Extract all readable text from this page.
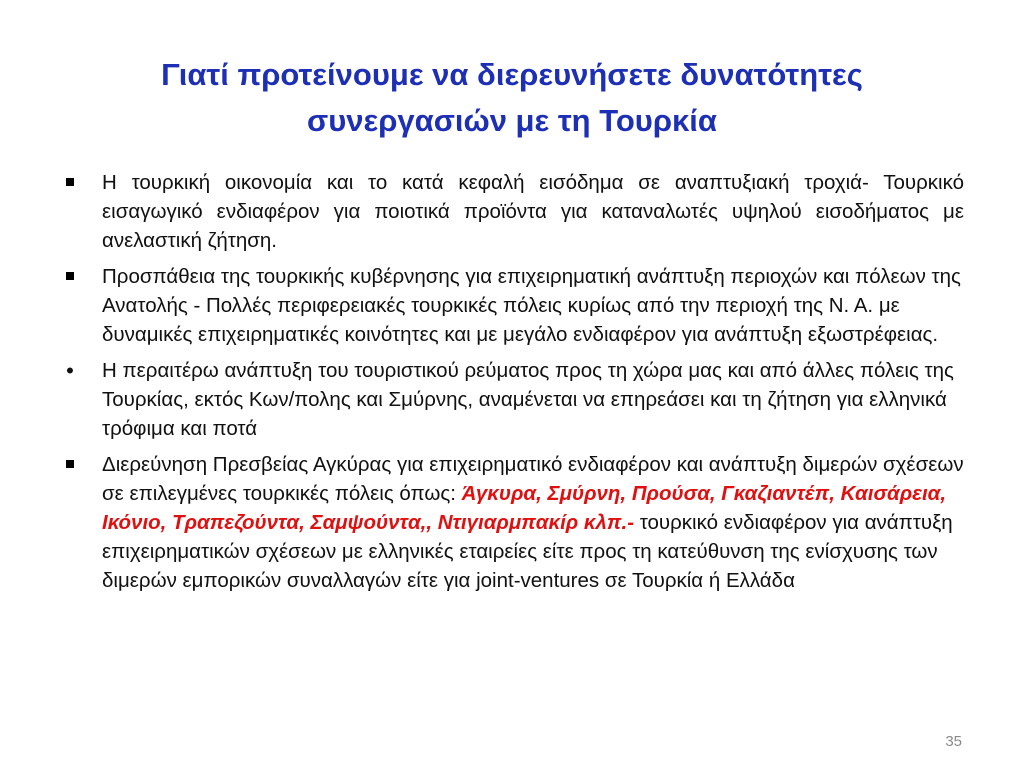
Γιατί προτείνουμε να διερευνήσετε δυνατότητες
συνεργασιών με τη Τουρκία
Η τουρκική οικονομία και το κατά κεφαλή εισόδημα σε αναπτυξιακή τροχιά- Τουρκικό εισαγωγικό ενδιαφέρον για ποιοτικά προϊόντα για καταναλωτές υψηλού εισοδήματος με ανελαστική ζήτηση.
Προσπάθεια της τουρκικής κυβέρνησης για επιχειρηματική ανάπτυξη περιοχών και πόλεων της Ανατολής - Πολλές περιφερειακές τουρκικές πόλεις κυρίως από την περιοχή της Ν. Α. με δυναμικές επιχειρηματικές κοινότητες και με μεγάλο ενδιαφέρον για ανάπτυξη εξωστρέφειας.
•	Η περαιτέρω ανάπτυξη του τουριστικού ρεύματος προς τη χώρα μας και από άλλες πόλεις της Τουρκίας, εκτός Κων/πολης και Σμύρνης, αναμένεται να επηρεάσει και τη ζήτηση για ελληνικά τρόφιμα και ποτά
Διερεύνηση Πρεσβείας Αγκύρας για επιχειρηματικό ενδιαφέρον και ανάπτυξη διμερών σχέσεων σε επιλεγμένες τουρκικές πόλεις όπως: Άγκυρα, Σμύρνη, Προύσα, Γκαζιαντέπ, Καισάρεια, Ικόνιο, Τραπεζούντα, Σαμψούντα,, Ντιγιαρμπακίρ κλπ.- τουρκικό ενδιαφέρον για ανάπτυξη επιχειρηματικών σχέσεων με ελληνικές εταιρείες είτε προς τη κατεύθυνση της ενίσχυσης των διμερών εμπορικών συναλλαγών είτε για joint-ventures σε Τουρκία ή Ελλάδα
35
